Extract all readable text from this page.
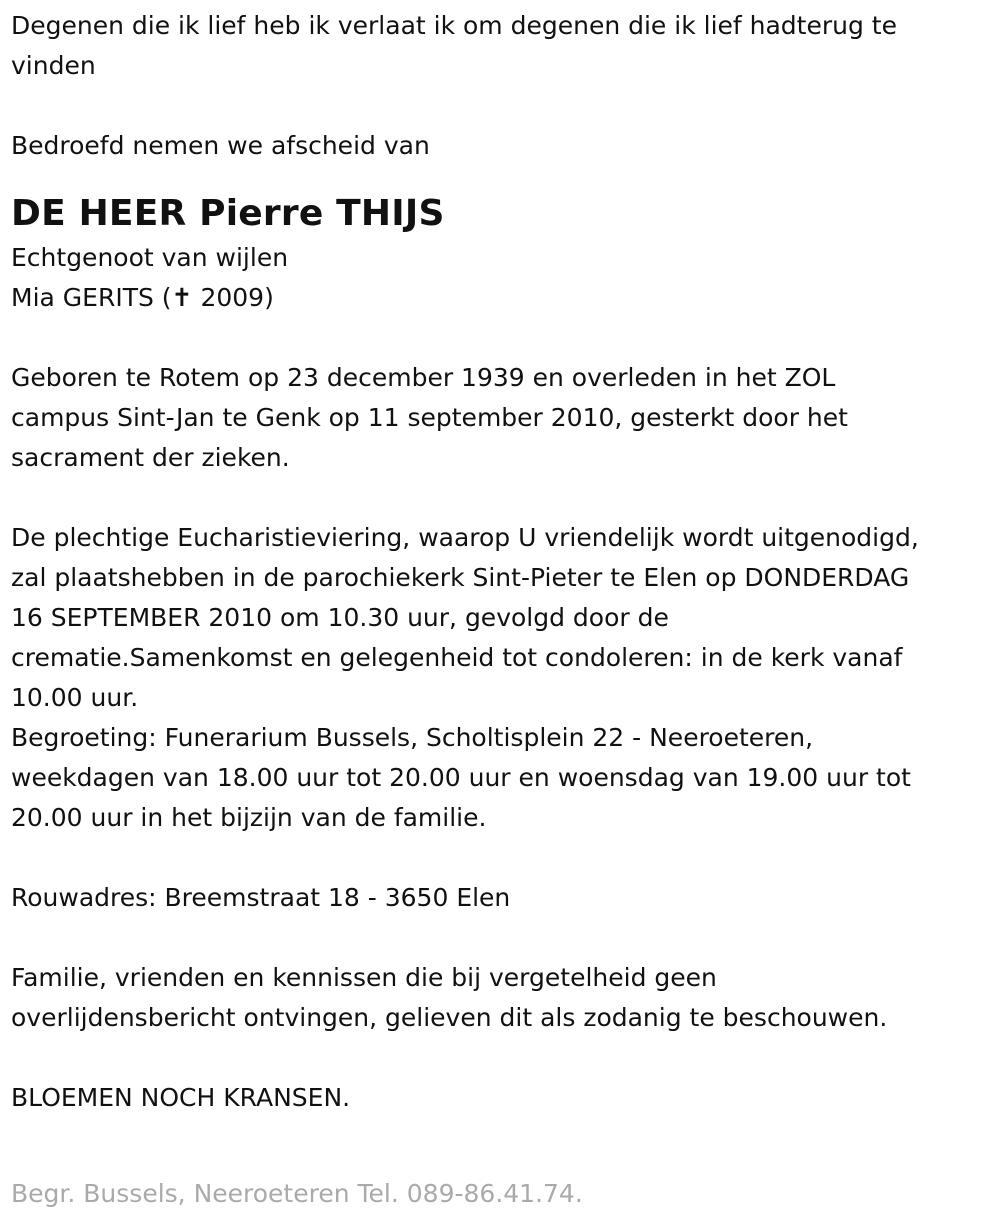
Degenen die ik lief heb ik verlaat ik om degenen die ik lief hadterug te

vinden

Bedroefd nemen we afscheid van

DE HEER Pierre THIJS

Echtgenoot van wijlen

Mia GERITS (✝ 2009)

Geboren te Rotem op 23 december 1939 en overleden in het ZOL

campus Sint-Jan te Genk op 11 september 2010, gesterkt door het

sacrament der zieken.

De plechtige Eucharistieviering, waarop U vriendelijk wordt uitgenodigd,

zal plaatshebben in de parochiekerk Sint-Pieter te Elen op DONDERDAG

16 SEPTEMBER 2010 om 10.30 uur, gevolgd door de

crematie.Samenkomst en gelegenheid tot condoleren: in de kerk vanaf

10.00 uur.

Begroeting: Funerarium Bussels, Scholtisplein 22 - Neeroeteren,

weekdagen van 18.00 uur tot 20.00 uur en woensdag van 19.00 uur tot

20.00 uur in het bijzijn van de familie.

Rouwadres: Breemstraat 18 - 3650 Elen

Familie, vrienden en kennissen die bij vergetelheid geen

overlijdensbericht ontvingen, gelieven dit als zodanig te beschouwen.

BLOEMEN NOCH KRANSEN.

Begr. Bussels, Neeroeteren Tel. 089-86.41.74.
